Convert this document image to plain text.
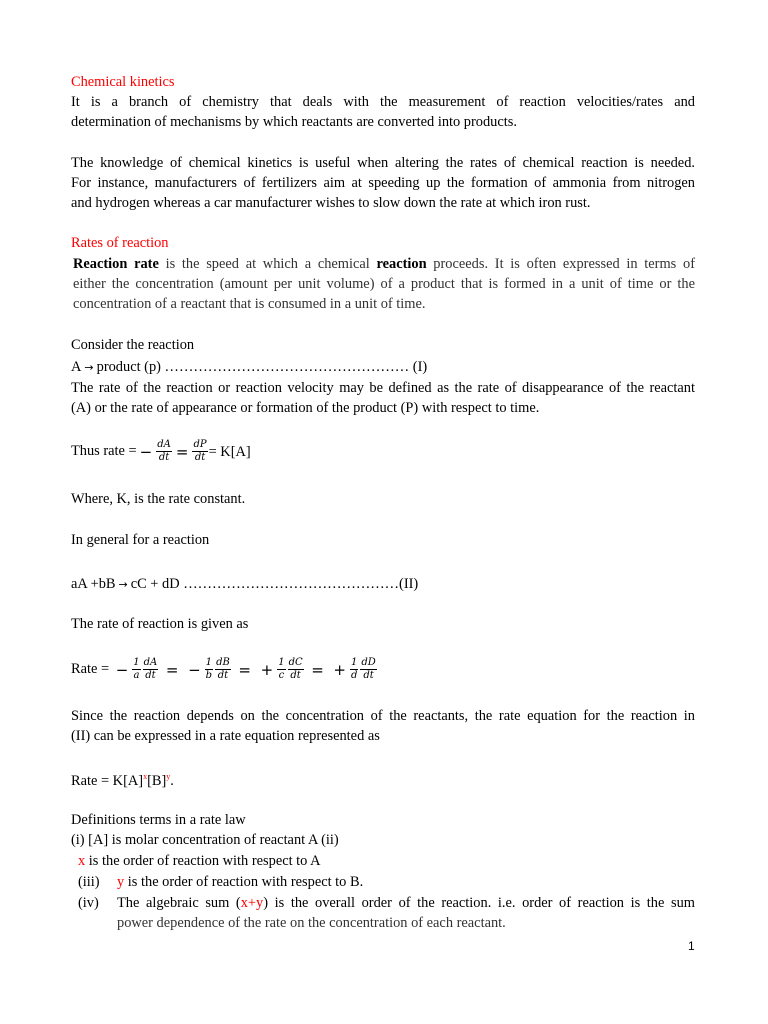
Chemical kinetics
It is a branch of chemistry that deals with the measurement of reaction velocities/rates and
determination of mechanisms by which reactants are converted into products.
The knowledge of chemical kinetics is useful when altering the rates of chemical reaction is needed.
For instance, manufacturers of fertilizers aim at speeding up the formation of ammonia from nitrogen
and hydrogen whereas a car manufacturer wishes to slow down the rate at which iron rust.
Rates of reaction
Reaction rate is the speed at which a chemical reaction proceeds. It is often expressed in terms of
either the concentration (amount per unit volume) of a product that is formed in a unit of time or the
concentration of a reactant that is consumed in a unit of time.
Consider the reaction
A → product (p) …………………………………………… (I)
The rate of the reaction or reaction velocity may be defined as the rate of disappearance of the reactant
(A) or the rate of appearance or formation of the product (P) with respect to time.
Thus rate = − $\frac{dA}{dt} = \frac{dP}{dt} = K[A]$
Where, K, is the rate constant.
In general for a reaction
aA +bB → cC + dD ………………………………………(II)
The rate of reaction is given as
Rate = − $\frac{1}{a} \frac{dA}{dt}$ = − $\frac{1}{b} \frac{dB}{dt}$ = + $\frac{1}{c} \frac{dC}{dt}$ = + $\frac{1}{d} \frac{dD}{dt}$
Since the reaction depends on the concentration of the reactants, the rate equation for the reaction in
(II) can be expressed in a rate equation represented as
Rate = $K[A]^x[B]^y$.
Definitions terms in a rate law
(i) [A] is molar concentration of reactant A (ii)
x is the order of reaction with respect to A
(iii) y is the order of reaction with respect to B.
(iv) The algebraic sum (x+y) is the overall order of the reaction. i.e. order of reaction is the sum
power dependence of the rate on the concentration of each reactant.
1
